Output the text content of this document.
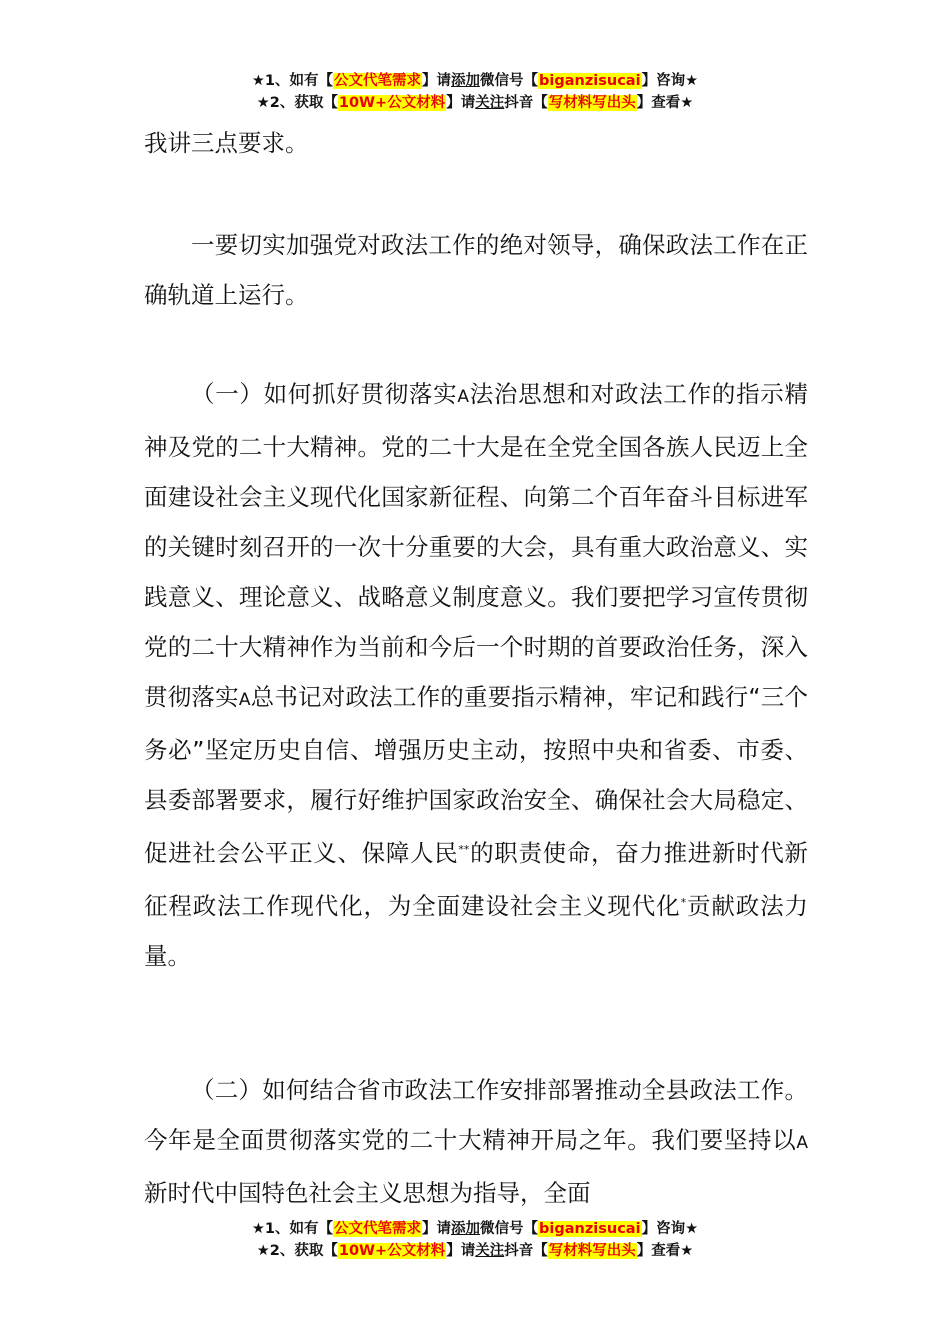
★1、如有【公文代笔需求】请添加微信号【biganzisucai】咨询★
★2、获取【10W+公文材料】请关注抖音【写材料写出头】查看★

我讲三点要求。

一要切实加强党对政法工作的绝对领导，确保政法工作在正确轨道上运行。

（一）如何抓好贯彻落实A法治思想和对政法工作的指示精神及党的二十大精神。党的二十大是在全党全国各族人民迈上全面建设社会主义现代化国家新征程、向第二个百年奋斗目标进军的关键时刻召开的一次十分重要的大会，具有重大政治意义、实践意义、理论意义、战略意义制度意义。我们要把学习宣传贯彻党的二十大精神作为当前和今后一个时期的首要政治任务，深入贯彻落实A总书记对政法工作的重要指示精神，牢记和践行“三个务必”坚定历史自信、增强历史主动，按照中央和省委、市委、县委部署要求，履行好维护国家政治安全、确保社会大局稳定、促进社会公平正义、保障人民**的职责使命，奋力推进新时代新征程政法工作现代化，为全面建设社会主义现代化*贡献政法力量。

（二）如何结合省市政法工作安排部署推动全县政法工作。今年是全面贯彻落实党的二十大精神开局之年。我们要坚持以A新时代中国特色社会主义思想为指导，全面

★1、如有【公文代笔需求】请添加微信号【biganzisucai】咨询★
★2、获取【10W+公文材料】请关注抖音【写材料写出头】查看★
